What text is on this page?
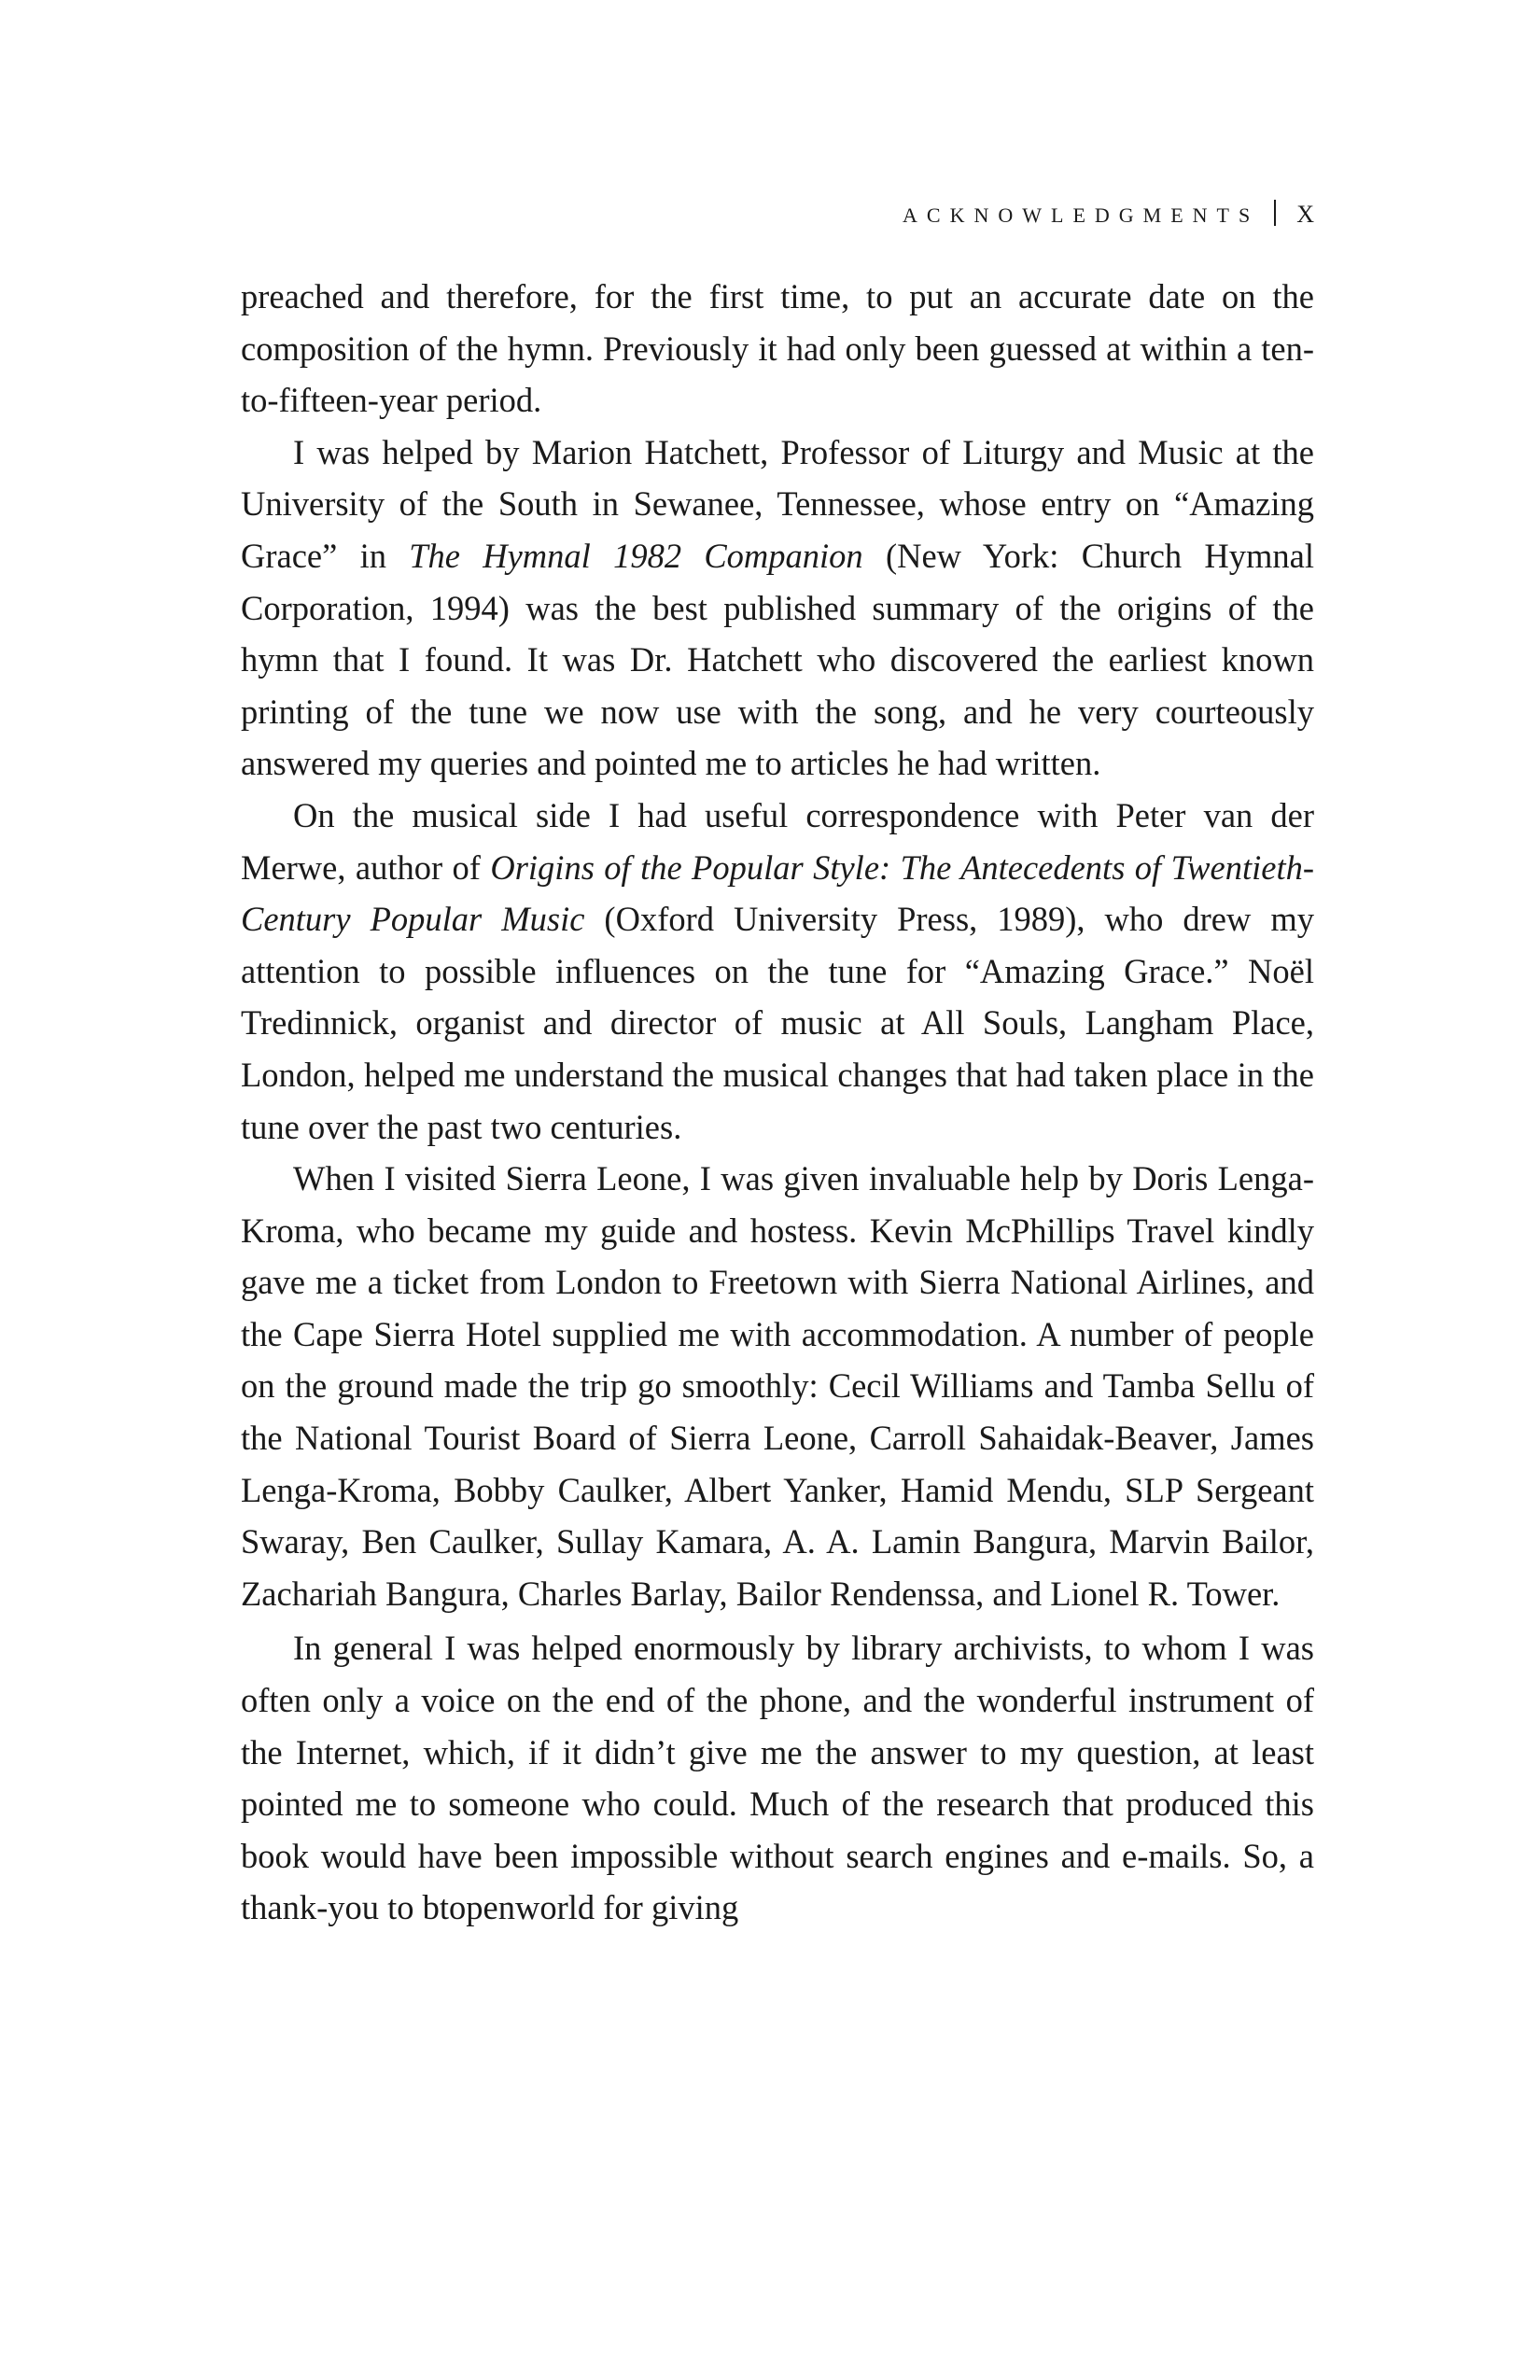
ACKNOWLEDGMENTS X

preached and therefore, for the first time, to put an accurate date on the composition of the hymn. Previously it had only been guessed at within a ten-to-fifteen-year period.

I was helped by Marion Hatchett, Professor of Liturgy and Music at the University of the South in Sewanee, Tennessee, whose entry on “Amazing Grace” in The Hymnal 1982 Companion (New York: Church Hymnal Corporation, 1994) was the best published summary of the origins of the hymn that I found. It was Dr. Hatchett who discovered the earliest known printing of the tune we now use with the song, and he very courteously answered my queries and pointed me to articles he had written.

On the musical side I had useful correspondence with Peter van der Merwe, author of Origins of the Popular Style: The Antecedents of Twentieth-Century Popular Music (Oxford University Press, 1989), who drew my attention to possible influences on the tune for “Amazing Grace.” Noël Tredinnick, organist and director of music at All Souls, Langham Place, London, helped me understand the musical changes that had taken place in the tune over the past two centuries.

When I visited Sierra Leone, I was given invaluable help by Doris Lenga-Kroma, who became my guide and hostess. Kevin McPhillips Travel kindly gave me a ticket from London to Freetown with Sierra National Airlines, and the Cape Sierra Hotel supplied me with accommodation. A number of people on the ground made the trip go smoothly: Cecil Williams and Tamba Sellu of the National Tourist Board of Sierra Leone, Carroll Sahaidak-Beaver, James Lenga-Kroma, Bobby Caulker, Albert Yanker, Hamid Mendu, SLP Sergeant Swaray, Ben Caulker, Sullay Kamara, A. A. Lamin Bangura, Marvin Bailor, Zachariah Bangura, Charles Barlay, Bailor Rendenssa, and Lionel R. Tower.

In general I was helped enormously by library archivists, to whom I was often only a voice on the end of the phone, and the wonderful instrument of the Internet, which, if it didn’t give me the answer to my question, at least pointed me to someone who could. Much of the research that produced this book would have been impossible without search engines and e-mails. So, a thank-you to btopenworld for giving
